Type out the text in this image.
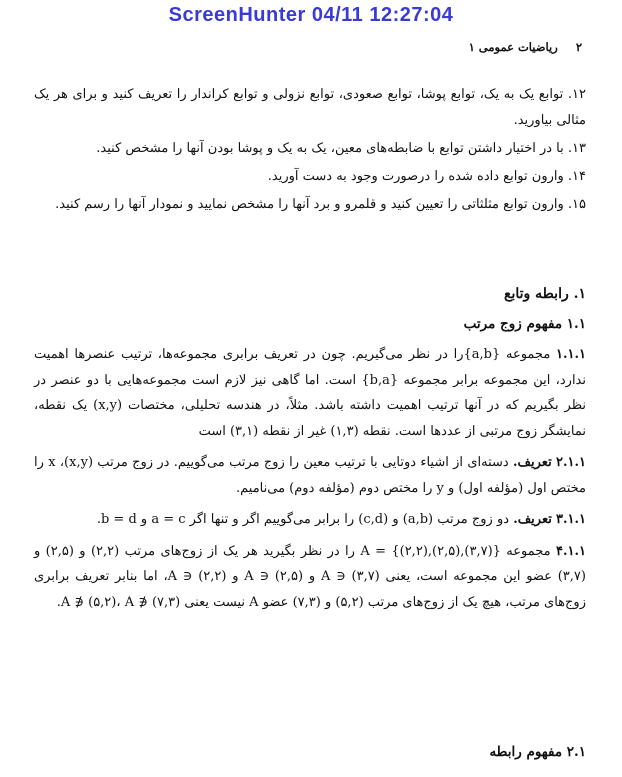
ScreenHunter 04/11 12:27:04
۲ ریاضیات عمومی ۱

۱۲. توابع یک به یک، توابع پوشا، توابع صعودی، توابع نزولی و توابع کراندار را تعریف کنید و برای هر یک مثالی بیاورید.

۱۳. با در اختیار داشتن توابع با ضابطه‌های معین، یک به یک و پوشا بودن آنها را مشخص کنید.

۱۴. وارون توابع داده شده را درصورت وجود به دست آورید.

۱۵. وارون توابع مثلثاتی را تعیین کنید و قلمرو و برد آنها را مشخص نمایید و نمودار آنها را رسم کنید.

۱. رابطه وتابع
۱.۱ مفهوم زوج مرتب

۱.۱.۱ مجموعه {a,b}را در نظر می‌گیریم. چون در تعریف برابری مجموعه‌ها، ترتیب عنصرها اهمیت ندارد، این مجموعه برابر مجموعه {b,a} است. اما گاهی نیز لازم است مجموعه‌هایی با دو عنصر در نظر بگیریم که در آنها ترتیب اهمیت داشته باشد. مثلاً، در هندسه تحلیلی، مختصات (x,y) یک نقطه، نمایشگر زوج مرتبی از عددها است. نقطه (۱,۳) غیر از نقطه (۳,۱) است

۲.۱.۱ تعریف. دسته‌ای از اشیاء دوتایی با ترتیب معین را زوج مرتب می‌گوییم. در زوج مرتب (x,y)، x را مختص اول (مؤلفه اول) و y را مختص دوم (مؤلفه دوم) می‌نامیم.

۳.۱.۱ تعریف. دو زوج مرتب (a,b) و (c,d) را برابر می‌گوییم اگر و تنها اگر a = c و b = d.

۴.۱.۱ مجموعه {(۳,۷),(۲,۵),(۲,۲)} = A را در نظر بگیرید هر یک از زوج‌های مرتب (۲,۲) و (۲,۵) و (۳,۷) عضو این مجموعه است، یعنی A ∋ (۳,۷) و A ∋ (۲,۵) و A ∋ (۲,۲)، اما بنابر تعریف برابری زوج‌های مرتب، هیچ یک از زوج‌های مرتب (۵,۲) و (۷,۳) عضو A نیست یعنی A ∌ (۵,۲)، A ∌ (۷,۳).

۲.۱ مفهوم رابطه
